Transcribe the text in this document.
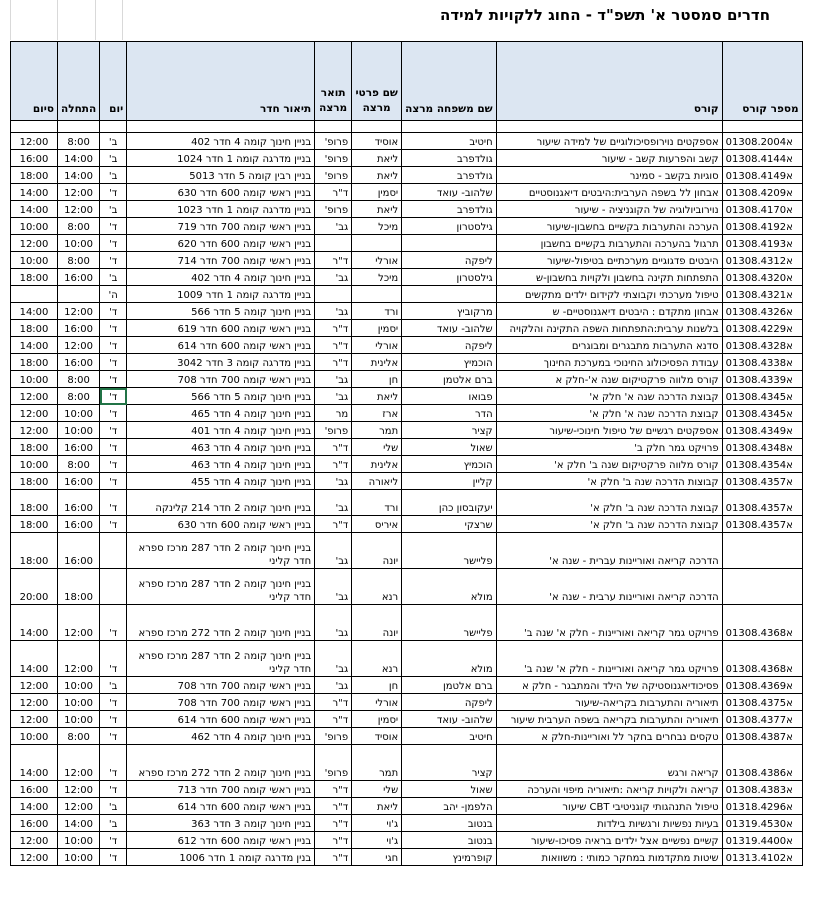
חדרים סמסטר א' תשפ"ד - החוג ללקויות למידה
מספר קורס	קורס	שם משפחה מרצה	שם פרטי מרצה	תואר מרצה	תיאור חדר	יום	התחלה	סיום

01א308.2004	אספקטים נוירופסיכולוגיים של למידה שיעור	חיטיב	אוסיד	פרופ'	בניין חינוך קומה 4 חדר 402	ב'	8:00	12:00
01א308.4144	קשב והפרעות קשב - שיעור	גולדפרב	ליאת	פרופ'	בניין מדרגה קומה 1 חדר 1024	ב'	14:00	16:00
01א308.4149	סוגיות בקשב - סמינר	גולדפרב	ליאת	פרופ'	בניין רבין קומה 5 חדר 5013	ב'	14:00	18:00
01א308.4209	אבחון לל בשפה הערבית:היבטים דיאגנוסטיים	שלהוב- עואד	יסמין	ד"ר	בניין ראשי קומה 600 חדר 630	ד'	12:00	14:00
01א308.4170	נוירוביולוגיה של הקוגניציה - שיעור	גולדפרב	ליאת	פרופ'	בניין מדרגה קומה 1 חדר 1023	ב'	12:00	14:00
01א308.4192	הערכה והתערבות בקשיים בחשבון-שיעור	גילסטרון	מיכל	גב'	בניין ראשי קומה 700 חדר 719	ד'	8:00	10:00
01א308.4193	תרגול בהערכה והתערבות בקשיים בחשבון				בניין ראשי קומה 600 חדר 620	ד'	10:00	12:00
01א308.4312	היבטים פדגוגיים מערכתיים בטיפול-שיעור	ליפקה	אורלי	ד"ר	בניין ראשי קומה 700 חדר 714	ד'	8:00	10:00
01א308.4320	התפתחות תקינה בחשבון ולקויות בחשבון-ש	גילסטרון	מיכל	גב'	בניין חינוך קומה 4 חדר 402	ב'	16:00	18:00
01א308.4321	טיפול מערכתי וקבוצתי לקידום ילדים מתקשים				בניין מדרגה קומה 1 חדר 1009	ה'		
01א308.4326	אבחון מתקדם : היבטים דיאגנוסטיים- ש	מרקוביץ	ורד	גב'	בניין חינוך קומה 5 חדר 566	ד'	12:00	14:00
01א308.4229	בלשנות ערבית:התפתחות השפה התקינה והלקויה	שלהוב- עואד	יסמין	ד"ר	בניין ראשי קומה 600 חדר 619	ד'	16:00	18:00
01א308.4328	סדנא התערבות מתבגרים ומבוגרים	ליפקה	אורלי	ד"ר	בניין ראשי קומה 600 חדר 614	ד'	12:00	14:00
01א308.4338	עבודת הפסיכולוג החינוכי במערכת החינוך	הוכמיץ	אלינית	ד"ר	בניין מדרגה קומה 3 חדר 3042	ד'	16:00	18:00
01א308.4339	קורס מלווה פרקטיקום שנה א'-חלק א	ברם אלטמן	חן	גב'	בניין ראשי קומה 700 חדר 708	ד'	8:00	10:00
01א308.4345	קבוצת הדרכה שנה א' חלק א'	פבואו	ליאת	גב'	בניין חינוך קומה 5 חדר 566	ד'	8:00	12:00
01א308.4345	קבוצת הדרכה שנה א' חלק א'	הדר	ארז	מר	בניין חינוך קומה 4 חדר 465	ד'	10:00	12:00
01א308.4349	אספקטים רגשיים של טיפול חינוכי-שיעור	קציר	תמר	פרופ'	בניין חינוך קומה 4 חדר 401	ד'	10:00	12:00
01א308.4348	פרויקט גמר חלק ב'	שאול	שלי	ד"ר	בניין חינוך קומה 4 חדר 463	ד'	16:00	18:00
01א308.4354	קורס מלווה פרקטיקום שנה ב' חלק א'	הוכמיץ	אלינית	ד"ר	בניין חינוך קומה 4 חדר 463	ד'	8:00	10:00
01א308.4357	קבוצות הדרכה שנה ב' חלק א'	קליין	ליאורה	גב'	בניין חינוך קומה 4 חדר 455	ד'	16:00	18:00
01א308.4357	קבוצת הדרכה שנה ב' חלק א'	יעקובסון כהן	ורד	גב'	בניין חינוך קומה 2 חדר 214 קלינקה	ד'	16:00	18:00
01א308.4357	קבוצת הדרכה שנה ב' חלק א'	שרצקי	איריס	ד"ר	בניין ראשי קומה 600 חדר 630	ד'	16:00	18:00
	הדרכה קריאה ואוריינות עברית - שנה א'	פליישר	יונה	גב'	בניין חינוך קומה 2 חדר 287 מרכז ספרא חדר קליני		16:00	18:00
	הדרכה קריאה ואוריינות ערבית - שנה א'	מולא	רנא	גב'	בניין חינוך קומה 2 חדר 287 מרכז ספרא חדר קליני		18:00	20:00
01א308.4368	פרויקט גמר קריאה ואוריינות - חלק א' שנה ב'	פליישר	יונה	גב'	בניין חינוך קומה 2 חדר 272 מרכז ספרא	ד'	12:00	14:00
01א308.4368	פרויקט גמר קריאה ואוריינות - חלק א' שנה ב'	מולא	רנא	גב'	בניין חינוך קומה 2 חדר 287 מרכז ספרא חדר קליני	ד'	12:00	14:00
01א308.4369	פסיכודיאגנוסטיקה של הילד והמתבגר - חלק א	ברם אלטמן	חן	גב'	בניין ראשי קומה 700 חדר 708	ב'	10:00	12:00
01א308.4375	תיאוריה והתערבות בקריאה-שיעור	ליפקה	אורלי	ד"ר	בניין ראשי קומה 700 חדר 708	ד'	10:00	12:00
01א308.4377	תיאוריה והתערבות בקריאה בשפה הערבית שיעור	שלהוב- עואד	יסמין	ד"ר	בניין ראשי קומה 600 חדר 614	ד'	10:00	12:00
01א308.4387	טקסים נבחרים בחקר לל ואוריינות-חלק א	חיטיב	אוסיד	פרופ'	בניין חינוך קומה 4 חדר 462	ד'	8:00	10:00
01א308.4386	קריאה ורגש	קציר	תמר	פרופ'	בניין חינוך קומה 2 חדר 272 מרכז ספרא	ד'	12:00	14:00
01א308.4383	קריאה ולקויות קריאה :תיאוריה מיפוי והערכה	שאול	שלי	ד"ר	בניין ראשי קומה 700 חדר 713	ד'	12:00	16:00
01א318.4296	טיפול התנהגותי קוגניטיבי CBT שיעור	הלפמן- יהב	ליאת	ד"ר	בניין ראשי קומה 600 חדר 614	ב'	12:00	14:00
01א319.4530	בעיות נפשיות ורגשיות בילדות	בנטוב	ג'וי	ד"ר	בניין חינוך קומה 3 חדר 363	ב'	14:00	16:00
01א319.4400	קשיים נפשיים אצל ילדים בראיה פסיכו-שיעור	בנטוב	ג'וי	ד"ר	בניין ראשי קומה 600 חדר 612	ד'	10:00	12:00
01א313.4102	שיטות מתקדמות במחקר כמותי : משוואות	קופרמינץ	חגי	ד"ר	בנין מדרגה קומה 1 חדר 1006	ד'	10:00	12:00
